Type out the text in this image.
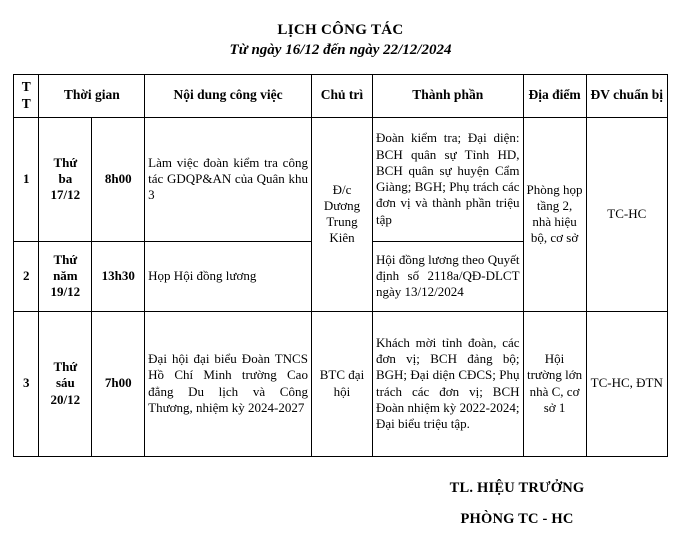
LỊCH CÔNG TÁC
Từ ngày 16/12 đến ngày 22/12/2024
T
T	Thời gian		Nội dung công việc	Chủ trì	Thành phần	Địa điểm	ĐV chuẩn bị
1	Thứ
ba
17/12	8h00	Làm việc đoàn kiểm tra công tác GDQP&AN của Quân khu 3	Đ/c Dương Trung Kiên	Đoàn kiểm tra; Đại diện: BCH quân sự Tỉnh HD, BCH quân sự huyện Cẩm Giàng; BGH; Phụ trách các đơn vị và thành phần triệu tập	Phòng họp tầng 2, nhà hiệu bộ, cơ sở	TC-HC
2	Thứ
năm
19/12	13h30	Họp Hội đồng lương		Hội đồng lương theo Quyết định số 2118a/QĐ-DLCT ngày 13/12/2024		
3	Thứ
sáu
20/12	7h00	Đại hội đại biểu Đoàn TNCS Hồ Chí Minh trường Cao đẳng Du lịch và Công Thương, nhiệm kỳ 2024-2027	BTC đại hội	Khách mời tỉnh đoàn, các đơn vị; BCH đảng bộ; BGH; Đại diện CĐCS; Phụ trách các đơn vị; BCH Đoàn nhiệm kỳ 2022-2024; Đại biểu triệu tập.	Hội trường lớn nhà C, cơ sở 1	TC-HC, ĐTN
TL. HIỆU TRƯỞNG
PHÒNG TC - HC
